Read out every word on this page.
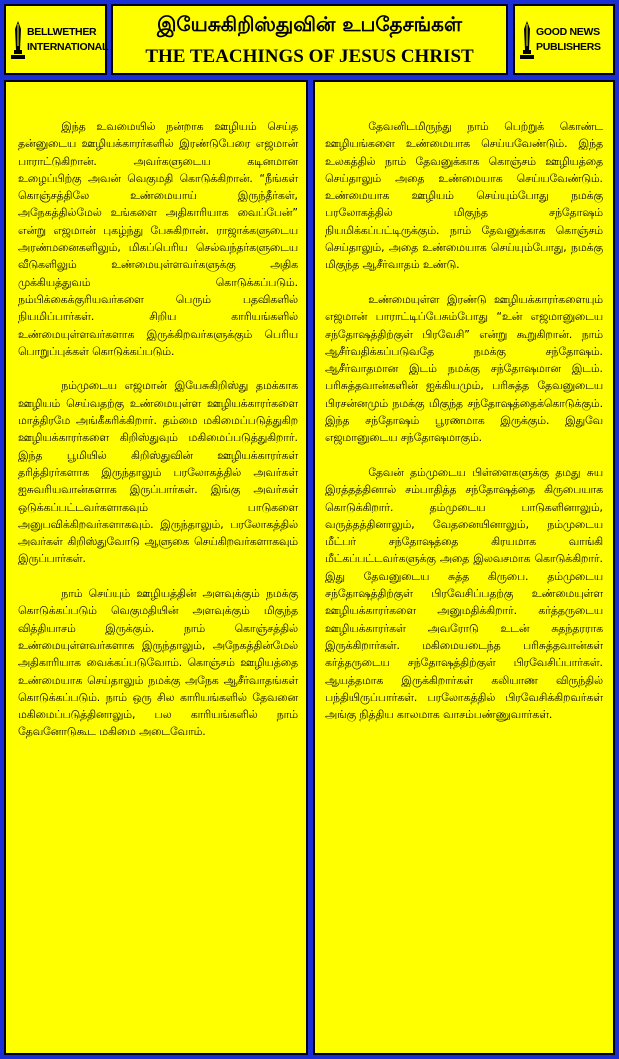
BELLWETHER
INTERNATIONAL
இயேசுகிறிஸ்துவின் உபதேசங்கள்
THE TEACHINGS OF JESUS CHRIST
GOOD NEWS
PUBLISHERS

இந்த உவமையில் நன்றாக ஊழியம் செய்த தன்னுடைய ஊழியக்காரர்களில் இரண்டுபேரை எஜமான் பாராட்டுகிறான். அவர்களுடைய கடினமான உழைப்பிற்கு அவன் வெகுமதி கொடுக்கிறான். “நீங்கள் கொஞ்சத்திலே உண்மையாய் இருந்தீர்கள், அநேகத்தில்மேல் உங்களை அதிகாரியாக வைப்பேன்” என்று எஜமான் புகழ்ந்து பேசுகிறான். ராஜாக்களுடைய அரண்மனைகளிலும், மிகப்பெரிய செல்வந்தர்களுடைய வீடுகளிலும் உண்மையுள்ளவர்களுக்கு அதிக முக்கியத்துவம் கொடுக்கப்படும். நம்பிக்கைக்குரியவர்களை பெரும் பதவிகளில் நியமிப்பார்கள். சிறிய காரியங்களில் உண்மையுள்ளவர்களாக இருக்கிறவர்களுக்கும் பெரிய பொறுப்புக்கள் கொடுக்கப்படும்.

நம்முடைய எஜமான் இயேசுகிறிஸ்து தமக்காக ஊழியம் செய்வதற்கு உண்மையுள்ள ஊழியக்காரர்களை மாத்திரமே அங்கீகரிக்கிறார். தம்மை மகிமைப்படுத்துகிற ஊழியக்காரர்களை கிறிஸ்துவும் மகிமைப்படுத்துகிறார். இந்த பூமியில் கிறிஸ்துவின் ஊழியக்காரர்கள் தரித்திரர்களாக இருந்தாலும் பரலோகத்தில் அவர்கள் ஐசுவரியவான்களாக இருப்பார்கள். இங்கு அவர்கள் ஒடுக்கப்பட்டவர்களாகவும் பாடுகளை அனுபவிக்கிறவர்களாகவும். இருந்தாலும், பரலோகத்தில் அவர்கள் கிறிஸ்துவோடு ஆளுகை செய்கிறவர்களாகவும் இருப்பார்கள்.

நாம் செய்யும் ஊழியத்தின் அளவுக்கும் நமக்கு கொடுக்கப்படும் வெகுமதியின் அளவுக்கும் மிகுந்த வித்தியாசம் இருக்கும். நாம் கொஞ்சத்தில் உண்மையுள்ளவர்களாக இருந்தாலும், அநேகத்தின்மேல் அதிகாரியாக வைக்கப்படுவோம். கொஞ்சம் ஊழியத்தை உண்மையாக செய்தாலும் நமக்கு அநேக ஆசீர்வாதங்கள் கொடுக்கப்படும். நாம் ஒரு சில காரியங்களில் தேவனை மகிமைப்படுத்தினாலும், பல காரியங்களில் நாம் தேவனோடுகூட மகிமை அடைவோம்.

தேவனிடமிருந்து நாம் பெற்றுக் கொண்ட ஊழியங்களை உண்மையாக செய்யவேண்டும். இந்த உலகத்தில் நாம் தேவனுக்காக கொஞ்சம் ஊழியத்தை செய்தாலும் அதை உண்மையாக செய்யவேண்டும். உண்மையாக ஊழியம் செய்யும்போது நமக்கு பரலோகத்தில் மிகுந்த சந்தோஷம் நியமிக்கப்பட்டிருக்கும். நாம் தேவனுக்காக கொஞ்சம் செய்தாலும், அதை உண்மையாக செய்யும்போது, நமக்கு மிகுந்த ஆசீர்வாதம் உண்டு.

உண்மையுள்ள இரண்டு ஊழியக்காரர்களையும் எஜமான் பாராட்டிப்பேசும்போது “உன் எஜமானுடைய சந்தோஷத்திற்குள் பிரவேசி” என்று கூறுகிறான். நாம் ஆசீர்வதிக்கப்படுவதே நமக்கு சந்தோஷம். ஆசீர்வாதமான இடம் நமக்கு சந்தோஷமான இடம். பரிசுத்தவான்களின் ஐக்கியமும், பரிசுத்த தேவனுடைய பிரசன்னமும் நமக்கு மிகுந்த சந்தோஷத்தைக்கொடுக்கும். இந்த சந்தோஷம் பூரணமாக இருக்கும். இதுவே எஜமானுடைய சந்தோஷமாகும்.

தேவன் தம்முடைய பிள்ளைகளுக்கு தமது சுய இரத்தத்தினால் சம்பாதித்த சந்தோஷத்தை கிருபையாக கொடுக்கிறார். தம்முடைய பாடுகளினாலும், வருத்தத்தினாலும், வேதனையினாலும், நம்முடைய மீட்பர் சந்தோஷத்தை கிரயமாக வாங்கி மீட்கப்பட்டவர்களுக்கு அதை இலவசமாக கொடுக்கிறார். இது தேவனுடைய சுத்த கிருபை. தம்முடைய சந்தோஷத்திற்குள் பிரவேசிப்பதற்கு உண்மையுள்ள ஊழியக்காரர்களை அனுமதிக்கிறார். கர்த்தருடைய ஊழியக்காரர்கள் அவரோடு உடன் சுதந்தரராக இருக்கிறார்கள். மகிமையடைந்த பரிசுத்தவான்கள் கர்த்தருடைய சந்தோஷத்திற்குள் பிரவேசிப்பார்கள். ஆயத்தமாக இருக்கிறார்கள் கலியாண விருந்தில் பந்தியிருப்பார்கள். பரலோகத்தில் பிரவேசிக்கிறவர்கள் அங்கு நித்திய காலமாக வாசம்பண்ணுவார்கள்.
